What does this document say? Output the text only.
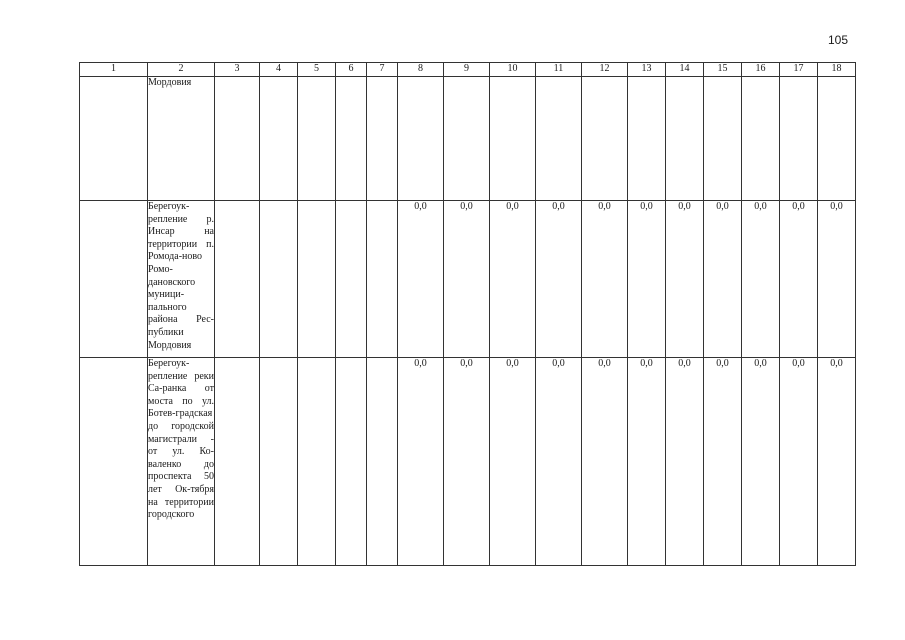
105
1	2	3	4	5	6	7	8	9	10	11	12	13	14	15	16	17	18
	Мордовия																
	Берегоук-репление р. Инсар на территории п. Ромода-ново Ромо-дановского муници-пального района Рес-публики Мордовия						0,0	0,0	0,0	0,0	0,0	0,0	0,0	0,0	0,0	0,0	0,0
	Берегоук-репление реки Са-ранка от моста по ул. Ботев-градская до городской магистрали - от ул. Ко-валенко до проспекта 50 лет Ок-тября на территории городского						0,0	0,0	0,0	0,0	0,0	0,0	0,0	0,0	0,0	0,0	0,0
